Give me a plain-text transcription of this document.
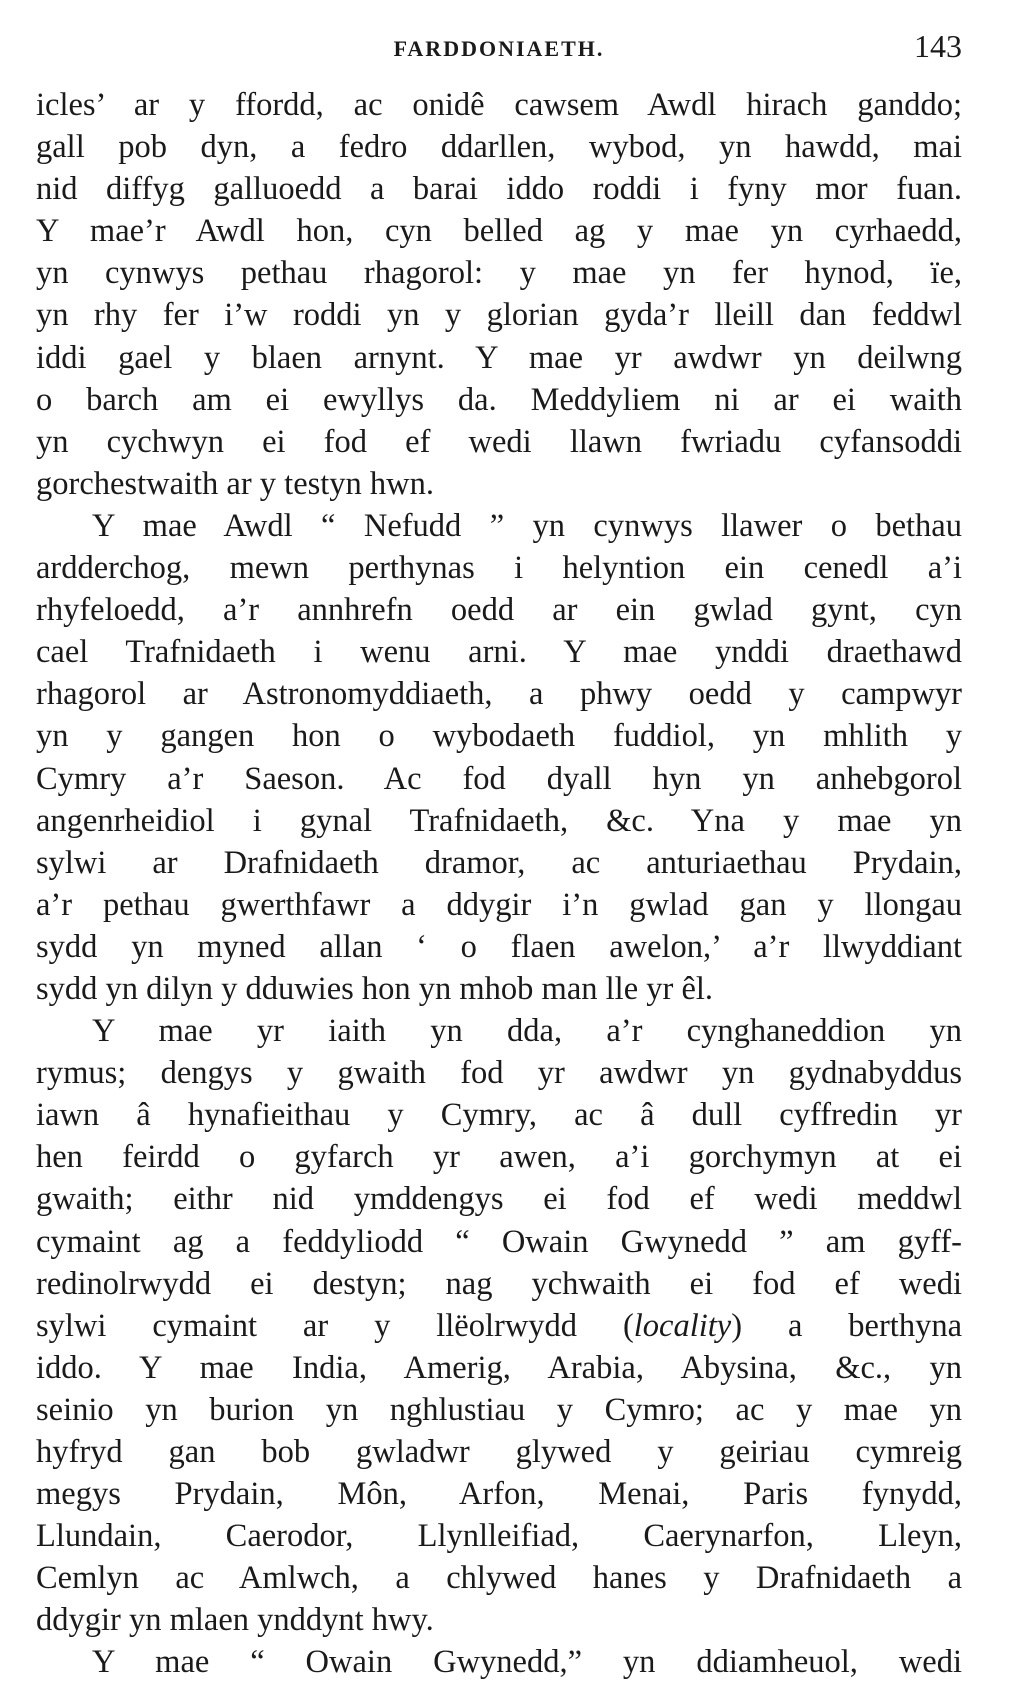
FARDDONIAETH.	143
icles’ ar y ffordd, ac onidê cawsem Awdl hirach ganddo;
gall pob dyn, a fedro ddarllen, wybod, yn hawdd, mai
nid diffyg galluoedd a barai iddo roddi i fyny mor fuan.
Y mae’r Awdl hon, cyn belled ag y mae yn cyrhaedd,
yn cynwys pethau rhagorol: y mae yn fer hynod, ïe,
yn rhy fer i’w roddi yn y glorian gyda’r lleill dan feddwl
iddi gael y blaen arnynt. Y mae yr awdwr yn deilwng
o barch am ei ewyllys da. Meddyliem ni ar ei waith
yn cychwyn ei fod ef wedi llawn fwriadu cyfansoddi
gorchestwaith ar y testyn hwn.
Y mae Awdl “ Nefudd ” yn cynwys llawer o bethau
ardderchog, mewn perthynas i helyntion ein cenedl a’i
rhyfeloedd, a’r annhrefn oedd ar ein gwlad gynt, cyn
cael Trafnidaeth i wenu arni. Y mae ynddi draethawd
rhagorol ar Astronomyddiaeth, a phwy oedd y campwyr
yn y gangen hon o wybodaeth fuddiol, yn mhlith y
Cymry a’r Saeson. Ac fod dyall hyn yn anhebgorol
angenrheidiol i gynal Trafnidaeth, &c. Yna y mae yn
sylwi ar Drafnidaeth dramor, ac anturiaethau Prydain,
a’r pethau gwerthfawr a ddygir i’n gwlad gan y llongau
sydd yn myned allan ‘ o flaen awelon,’ a’r llwyddiant
sydd yn dilyn y dduwies hon yn mhob man lle yr êl.
Y mae yr iaith yn dda, a’r cynghaneddion yn
rymus; dengys y gwaith fod yr awdwr yn gydnabyddus
iawn â hynafieithau y Cymry, ac â dull cyffredin yr
hen feirdd o gyfarch yr awen, a’i gorchymyn at ei
gwaith; eithr nid ymddengys ei fod ef wedi meddwl
cymaint ag a feddyliodd “ Owain Gwynedd ” am gyff-
redinolrwydd ei destyn; nag ychwaith ei fod ef wedi
sylwi cymaint ar y llëolrwydd (locality) a berthyna
iddo. Y mae India, Amerig, Arabia, Abysina, &c., yn
seinio yn burion yn nghlustiau y Cymro; ac y mae yn
hyfryd gan bob gwladwr glywed y geiriau cymreig
megys Prydain, Môn, Arfon, Menai, Paris fynydd,
Llundain, Caerodor, Llynlleifiad, Caerynarfon, Lleyn,
Cemlyn ac Amlwch, a chlywed hanes y Drafnidaeth a
ddygir yn mlaen ynddynt hwy.
Y mae “ Owain Gwynedd,” yn ddiamheuol, wedi
